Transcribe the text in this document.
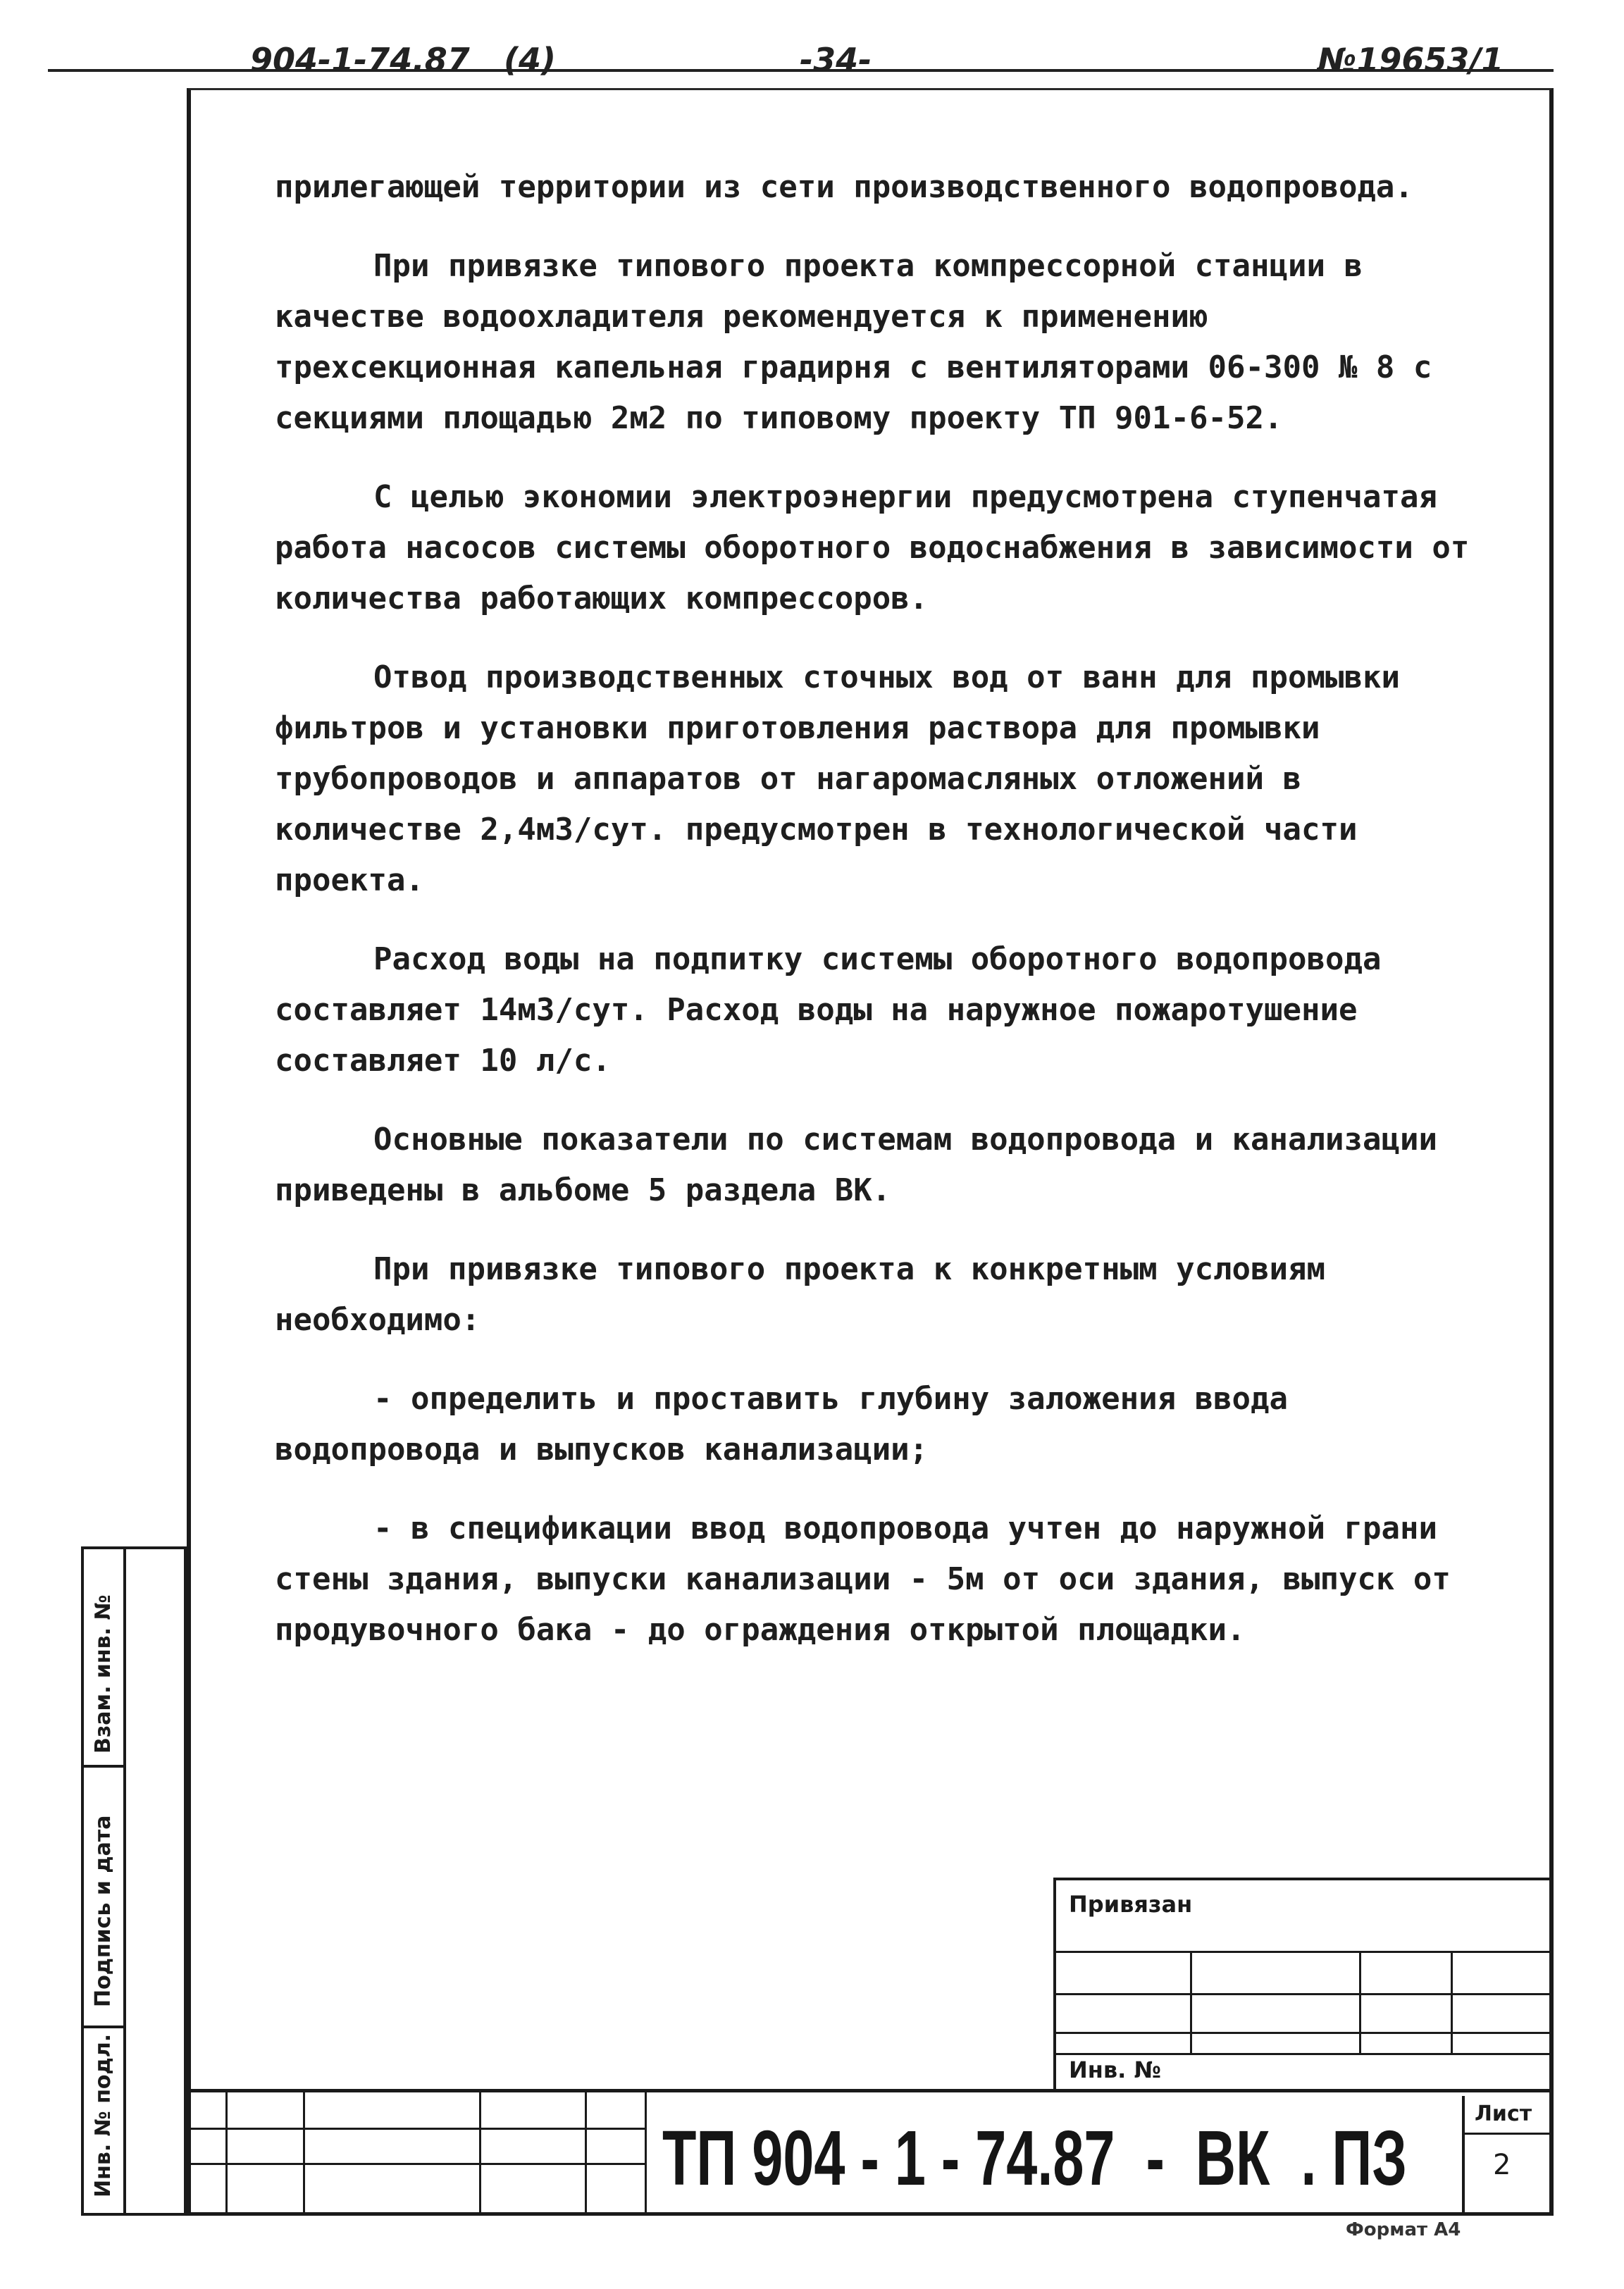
904-1-74.87 (4)	-34-	№19653/1

прилегающей территории из сети производственного водопровода.

При привязке типового проекта компрессорной станции в качестве водоохладителя рекомендуется к применению трехсекционная капельная градирня с вентиляторами 06-300 № 8 с секциями площадью 2м2 по типовому проекту ТП 901-6-52.

С целью экономии электроэнергии предусмотрена ступенчатая работа насосов системы оборотного водоснабжения в зависимости от количества работающих компрессоров.

Отвод производственных сточных вод от ванн для промывки фильтров и установки приготовления раствора для промывки трубопроводов и аппаратов от нагаромасляных отложений в количестве 2,4м3/сут. предусмотрен в технологической части проекта.

Расход воды на подпитку системы оборотного водопровода составляет 14м3/сут. Расход воды на наружное пожаротушение составляет 10 л/с.

Основные показатели по системам водопровода и канализации приведены в альбоме 5 раздела ВК.

При привязке типового проекта к конкретным условиям необходимо:

- определить и проставить глубину заложения ввода водопровода и выпусков канализации;

- в спецификации ввод водопровода учтен до наружной грани стены здания, выпуски канализации - 5м от оси здания, выпуск от продувочного бака - до ограждения открытой площадки.

Взам. инв. №
Подпись и дата
Инв. № подл.
Привязан
Инв. №
ТП 904 - 1 - 74.87  -  ВК  . ПЗ
Лист
2
Формат А4
